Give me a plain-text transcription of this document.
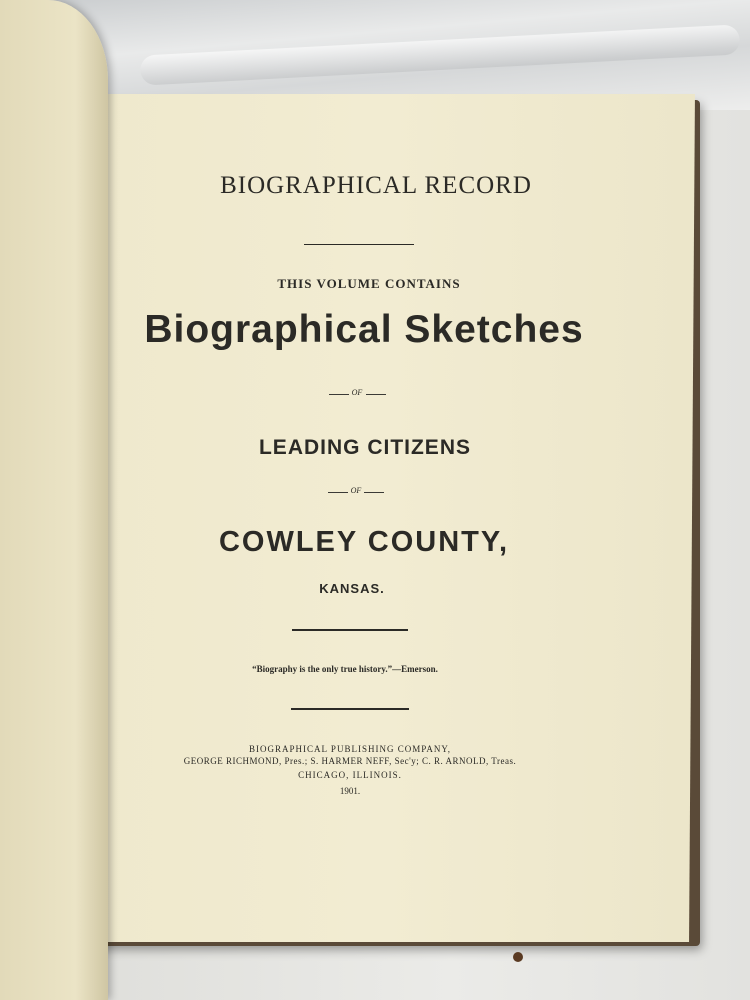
BIOGRAPHICAL RECORD

THIS VOLUME CONTAINS

Biographical Sketches

OF

LEADING CITIZENS

OF

COWLEY COUNTY,

KANSAS.

“Biography is the only true history.”—Emerson.

BIOGRAPHICAL PUBLISHING COMPANY,

GEORGE RICHMOND, Pres.; S. HARMER NEFF, Sec'y; C. R. ARNOLD, Treas.

CHICAGO, ILLINOIS.

1901.
